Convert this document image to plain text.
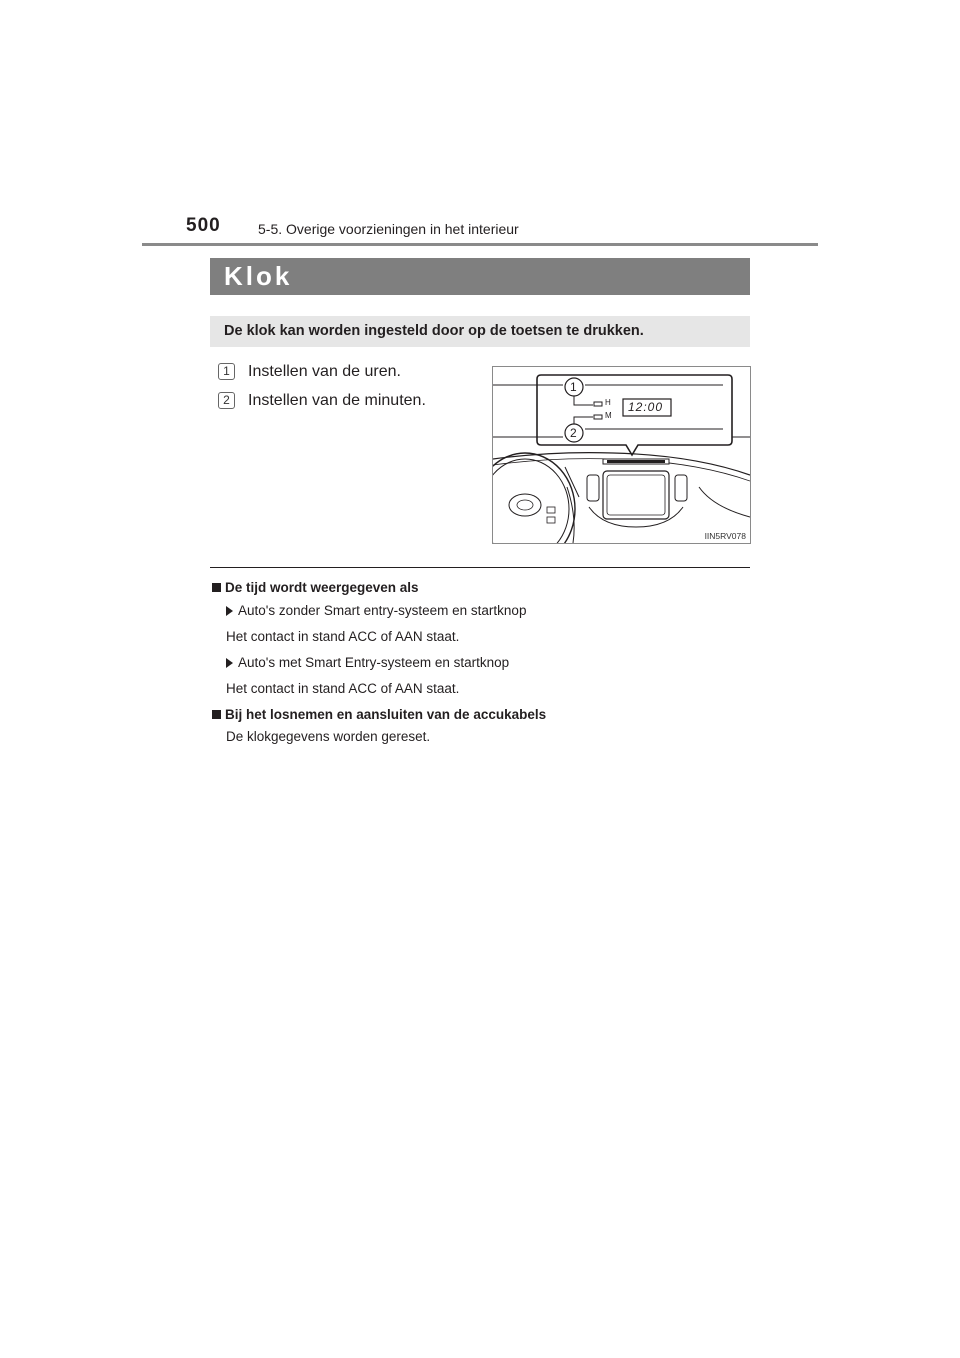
500	5-5. Overige voorzieningen in het interieur
Klok
De klok kan worden ingesteld door op de toetsen te drukken.
1 Instellen van de uren.
2 Instellen van de minuten.
1
2
H
M
12:00
IIN5RV078
De tijd wordt weergegeven als
Auto's zonder Smart entry-systeem en startknop
Het contact in stand ACC of AAN staat.
Auto's met Smart Entry-systeem en startknop
Het contact in stand ACC of AAN staat.
Bij het losnemen en aansluiten van de accukabels
De klokgegevens worden gereset.
